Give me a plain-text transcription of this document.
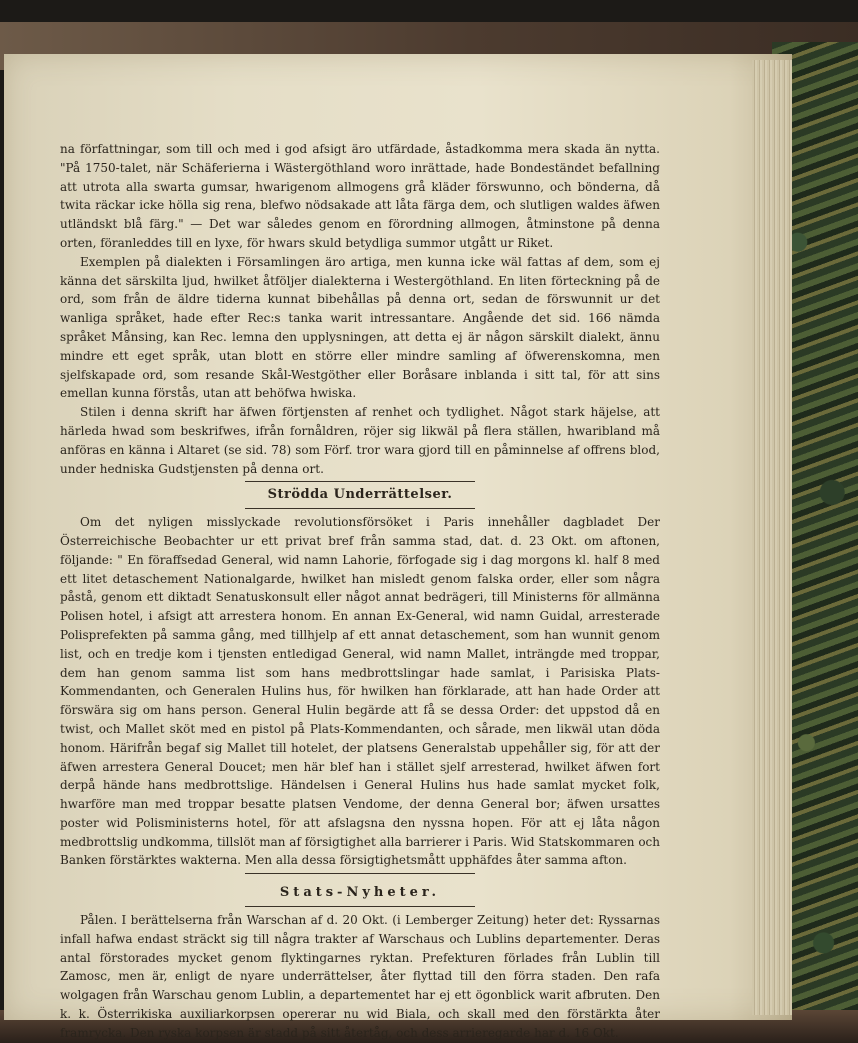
na författningar, som till och med i god afsigt äro utfärdade, åstadkomma mera skada än nytta. "På 1750-talet, när Schäferierna i Wästergöthland woro inrättade, hade Bondeständet befallning att utrota alla swarta gumsar, hwarigenom allmogens grå kläder förswunno, och bönderna, då twita räckar icke hölla sig rena, blefwo nödsakade att låta färga dem, och slutligen waldes äfwen utländskt blå färg." — Det war således genom en förordning allmogen, åtminstone på denna orten, föranleddes till en lyxe, för hwars skuld betydliga summor utgått ur Riket.

Exemplen på dialekten i Församlingen äro artiga, men kunna icke wäl fattas af dem, som ej känna det särskilta ljud, hwilket åtföljer dialekterna i Westergöthland. En liten förteckning på de ord, som från de äldre tiderna kunnat bibehållas på denna ort, sedan de förswunnit ur det wanliga språket, hade efter Rec:s tanka warit intressantare. Angående det sid. 166 nämda språket Månsing, kan Rec. lemna den upplysningen, att detta ej är någon särskilt dialekt, ännu mindre ett eget språk, utan blott en större eller mindre samling af öfwerenskomna, men sjelfskapade ord, som resande Skål-Westgöther eller Boråsare inblanda i sitt tal, för att sins emellan kunna förstås, utan att behöfwa hwiska.

Stilen i denna skrift har äfwen förtjensten af renhet och tydlighet. Något stark häjelse, att härleda hwad som beskrifwes, ifrån fornåldren, röjer sig likwäl på flera ställen, hwaribland må anföras en känna i Altaret (se sid. 78) som Förf. tror wara gjord till en påminnelse af offrens blod, under hedniska Gudstjensten på denna ort.

Strödda Underrättelser.

Om det nyligen misslyckade revolutionsförsöket i Paris innehåller dagbladet Der Österreichische Beobachter ur ett privat bref från samma stad, dat. d. 23 Okt. om aftonen, följande: " En föraffsedad General, wid namn Lahorie, förfogade sig i dag morgons kl. half 8 med ett litet detaschement Nationalgarde, hwilket han misledt genom falska order, eller som några påstå, genom ett diktadt Senatuskonsult eller något annat bedrägeri, till Ministerns för allmänna Polisen hotel, i afsigt att arrestera honom. En annan Ex-General, wid namn Guidal, arresterade Polisprefekten på samma gång, med tillhjelp af ett annat detaschement, som han wunnit genom list, och en tredje kom i tjensten entledigad General, wid namn Mallet, inträngde med troppar, dem han genom samma list som hans medbrottslingar hade samlat, i Parisiska Plats-Kommendanten, och Generalen Hulins hus, för hwilken han förklarade, att han hade Order att förswära sig om hans person. General Hulin begärde att få se dessa Order: det uppstod då en twist, och Mallet sköt med en pistol på Plats-Kommendanten, och sårade, men likwäl utan döda honom. Härifrån begaf sig Mallet till hotelet, der platsens Generalstab uppehåller sig, för att der äfwen arrestera General Doucet; men här blef han i stället sjelf arresterad, hwilket äfwen fort derpå hände hans medbrottslige. Händelsen i General Hulins hus hade samlat mycket folk, hwarföre man med troppar besatte platsen Vendome, der denna General bor; äfwen ursattes poster wid Polisministerns hotel, för att afslagsna den nyssna hopen. För att ej låta någon medbrottslig undkomma, tillslöt man af försigtighet alla barrierer i Paris. Wid Statskommaren och Banken förstärktes wakterna. Men alla dessa försigtighetsmått upphäfdes åter samma afton.

Stats-Nyheter.

Pålen. I berättelserna från Warschan af d. 20 Okt. (i Lemberger Zeitung) heter det: Ryssarnas infall hafwa endast sträckt sig till några trakter af Warschaus och Lublins departementer. Deras antal förstorades mycket genom flyktingarnes ryktan. Prefekturen förlades från Lublin till Zamosc, men är, enligt de nyare underrättelser, åter flyttad till den förra staden. Den rafa wolgagen från Warschau genom Lublin, a departementet har ej ett ögonblick warit afbruten. Den k. k. Österrikiska auxiliarkorpsen opererar nu wid Biala, och skall med den förstärkta åter framrycka. Den ryska korpsen är stadd på sitt återtåg, och dess arrieregarde har d. 16 Okt.
